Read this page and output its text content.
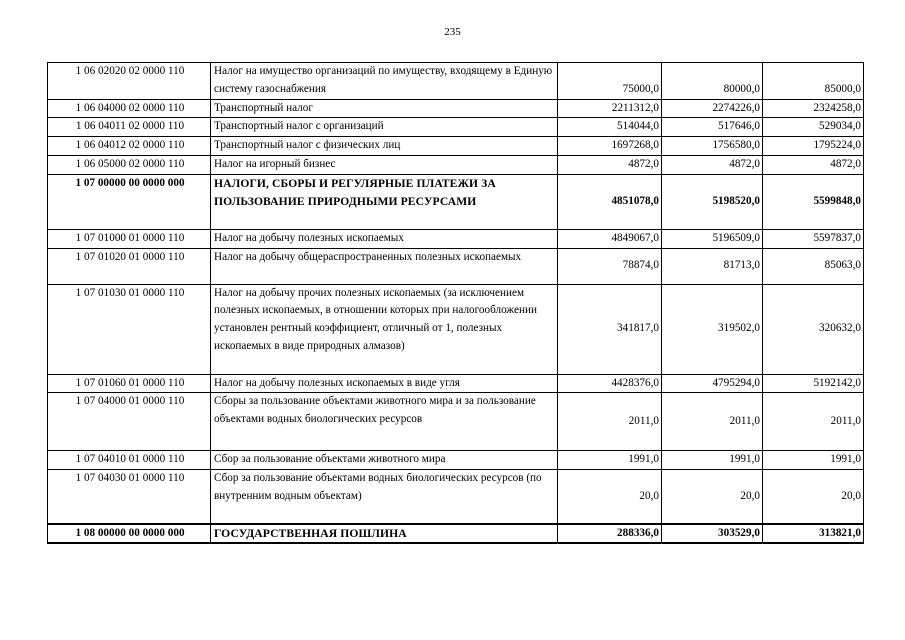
235
1 06 02020 02 0000 110	Налог на имущество организаций по имуществу, входящему в Единую систему газоснабжения	75000,0	80000,0	85000,0
1 06 04000 02 0000 110	Транспортный налог	2211312,0	2274226,0	2324258,0
1 06 04011 02 0000 110	Транспортный налог с организаций	514044,0	517646,0	529034,0
1 06 04012 02 0000 110	Транспортный налог с физических лиц	1697268,0	1756580,0	1795224,0
1 06 05000 02 0000 110	Налог на игорный бизнес	4872,0	4872,0	4872,0
1 07 00000 00 0000 000	НАЛОГИ, СБОРЫ И РЕГУЛЯРНЫЕ ПЛАТЕЖИ ЗА ПОЛЬЗОВАНИЕ ПРИРОДНЫМИ РЕСУРСАМИ	4851078,0	5198520,0	5599848,0
1 07 01000 01 0000 110	Налог на добычу полезных ископаемых	4849067,0	5196509,0	5597837,0
1 07 01020 01 0000 110	Налог на добычу общераспространенных полезных ископаемых	78874,0	81713,0	85063,0
1 07 01030 01 0000 110	Налог на добычу прочих полезных ископаемых (за исключением полезных ископаемых, в отношении которых при налогообложении установлен рентный коэффициент, отличный от 1, полезных ископаемых в виде природных алмазов)	341817,0	319502,0	320632,0
1 07 01060 01 0000 110	Налог на добычу полезных ископаемых в виде угля	4428376,0	4795294,0	5192142,0
1 07 04000 01 0000 110	Сборы за пользование объектами животного мира и за пользование объектами водных биологических ресурсов	2011,0	2011,0	2011,0
1 07 04010 01 0000 110	Сбор за пользование объектами животного мира	1991,0	1991,0	1991,0
1 07 04030 01 0000 110	Сбор за пользование объектами водных биологических ресурсов (по внутренним водным объектам)	20,0	20,0	20,0
1 08 00000 00 0000 000	ГОСУДАРСТВЕННАЯ ПОШЛИНА	288336,0	303529,0	313821,0
